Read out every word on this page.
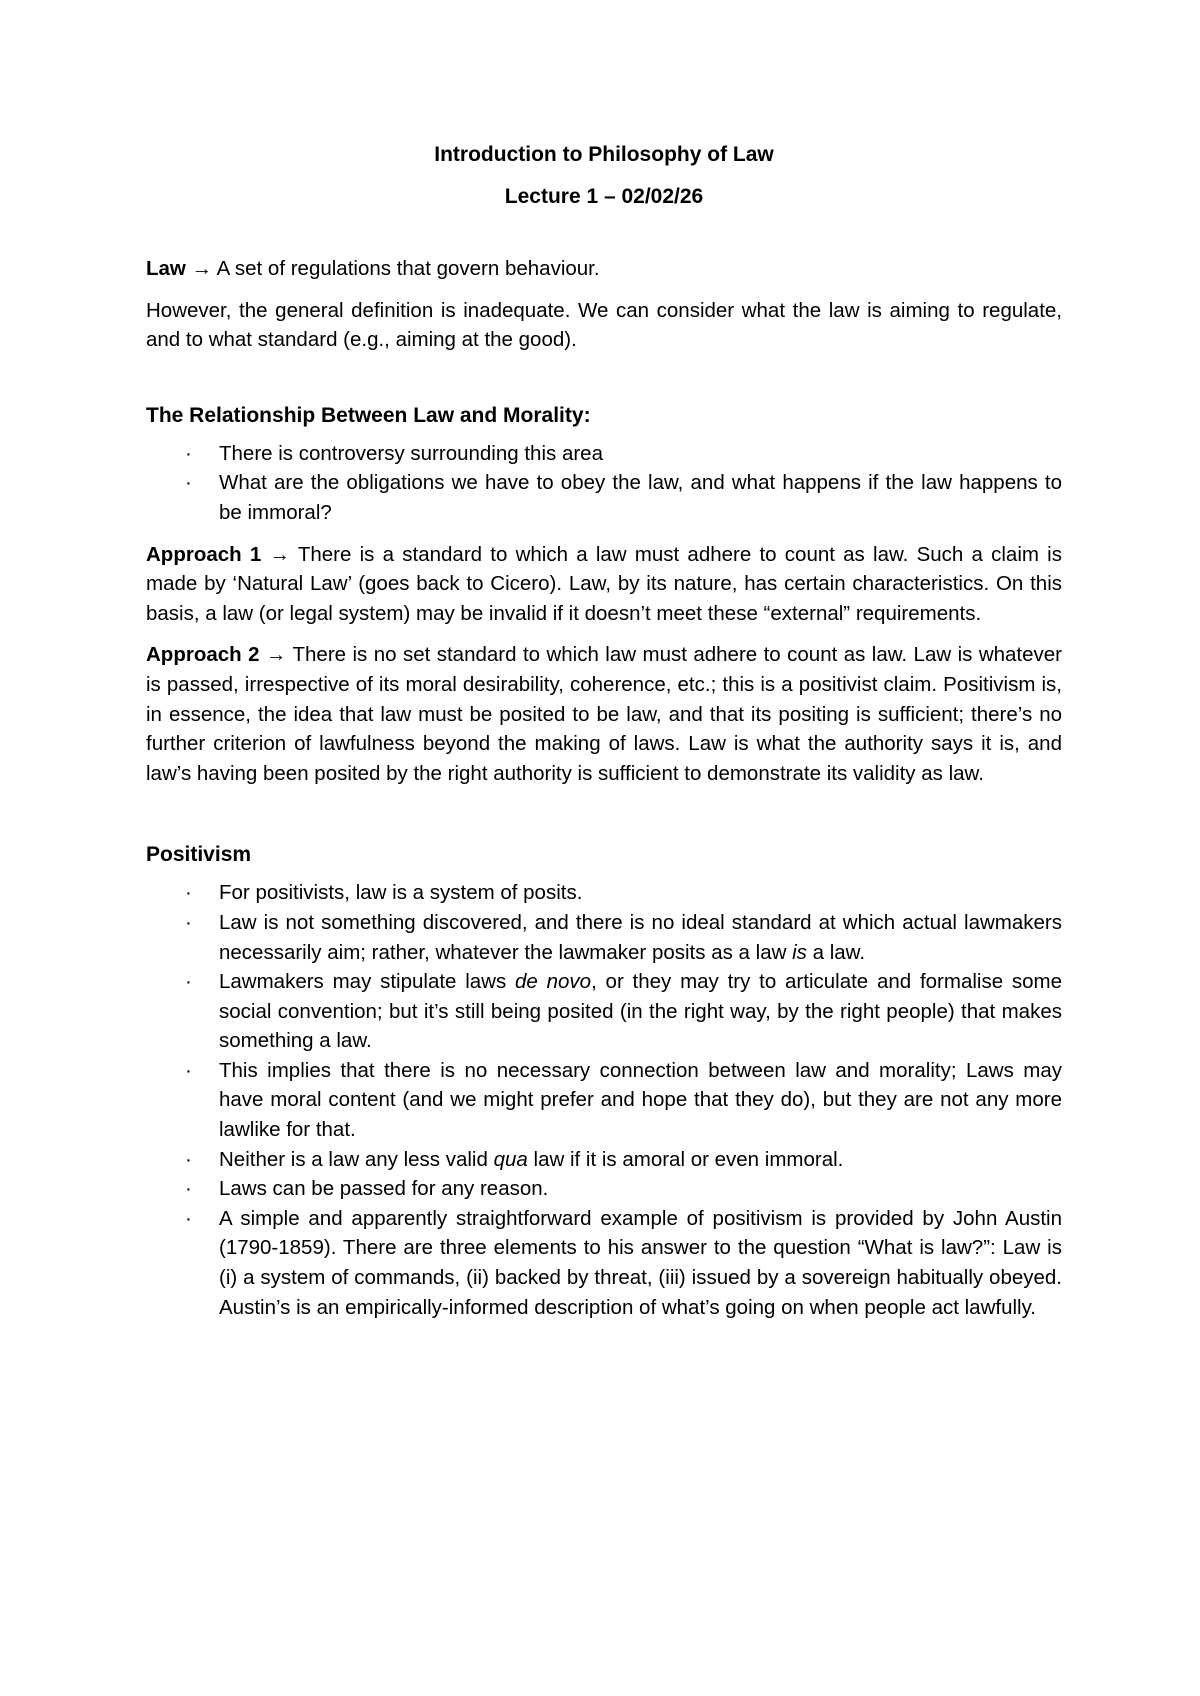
Introduction to Philosophy of Law

Lecture 1 – 02/02/26

Law → A set of regulations that govern behaviour.

However, the general definition is inadequate. We can consider what the law is aiming to regulate, and to what standard (e.g., aiming at the good).

The Relationship Between Law and Morality:
· There is controversy surrounding this area
· What are the obligations we have to obey the law, and what happens if the law happens to be immoral?

Approach 1 → There is a standard to which a law must adhere to count as law. Such a claim is made by ‘Natural Law’ (goes back to Cicero). Law, by its nature, has certain characteristics. On this basis, a law (or legal system) may be invalid if it doesn’t meet these “external” requirements.

Approach 2 → There is no set standard to which law must adhere to count as law. Law is whatever is passed, irrespective of its moral desirability, coherence, etc.; this is a positivist claim. Positivism is, in essence, the idea that law must be posited to be law, and that its positing is sufficient; there’s no further criterion of lawfulness beyond the making of laws. Law is what the authority says it is, and law’s having been posited by the right authority is sufficient to demonstrate its validity as law.

Positivism
· For positivists, law is a system of posits.
· Law is not something discovered, and there is no ideal standard at which actual lawmakers necessarily aim; rather, whatever the lawmaker posits as a law is a law.
· Lawmakers may stipulate laws de novo, or they may try to articulate and formalise some social convention; but it’s still being posited (in the right way, by the right people) that makes something a law.
· This implies that there is no necessary connection between law and morality; Laws may have moral content (and we might prefer and hope that they do), but they are not any more lawlike for that.
· Neither is a law any less valid qua law if it is amoral or even immoral.
· Laws can be passed for any reason.
· A simple and apparently straightforward example of positivism is provided by John Austin (1790-1859). There are three elements to his answer to the question “What is law?”: Law is (i) a system of commands, (ii) backed by threat, (iii) issued by a sovereign habitually obeyed. Austin’s is an empirically-informed description of what’s going on when people act lawfully.
